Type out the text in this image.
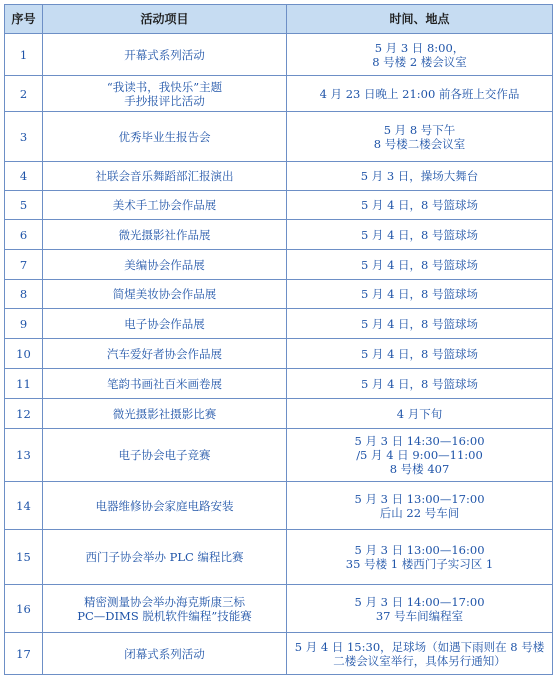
序号	活动项目	时间、地点
1	开幕式系列活动	5 月 3 日 8:00，
8 号楼 2 楼会议室
2	“我读书，我快乐”主题
手抄报评比活动	4 月 23 日晚上 21:00 前各班上交作品
3	优秀毕业生报告会	5 月 8 号下午
8 号楼二楼会议室
4	社联会音乐舞蹈部汇报演出	5 月 3 日，操场大舞台
5	美术手工协会作品展	5 月 4 日，8 号篮球场
6	微光摄影社作品展	5 月 4 日，8 号篮球场
7	美编协会作品展	5 月 4 日，8 号篮球场
8	简煋美妆协会作品展	5 月 4 日，8 号篮球场
9	电子协会作品展	5 月 4 日，8 号篮球场
10	汽车爱好者协会作品展	5 月 4 日，8 号篮球场
11	笔韵书画社百米画卷展	5 月 4 日，8 号篮球场
12	微光摄影社摄影比赛	4 月下旬
13	电子协会电子竞赛	5 月 3 日 14:30—16:00
/5 月 4 日 9:00—11:00
8 号楼 407
14	电器维修协会家庭电路安装	5 月 3 日 13:00—17:00
后山 22 号车间
15	西门子协会举办 PLC 编程比赛	5 月 3 日 13:00—16:00
35 号楼 1 楼西门子实习区 1
16	精密测量协会举办海克斯康三标
PC—DIMS 脱机软件编程”技能赛	5 月 3 日 14:00—17:00
37 号车间编程室
17	闭幕式系列活动	5 月 4 日 15:30，足球场（如遇下雨则在 8 号楼
二楼会议室举行，具体另行通知）
